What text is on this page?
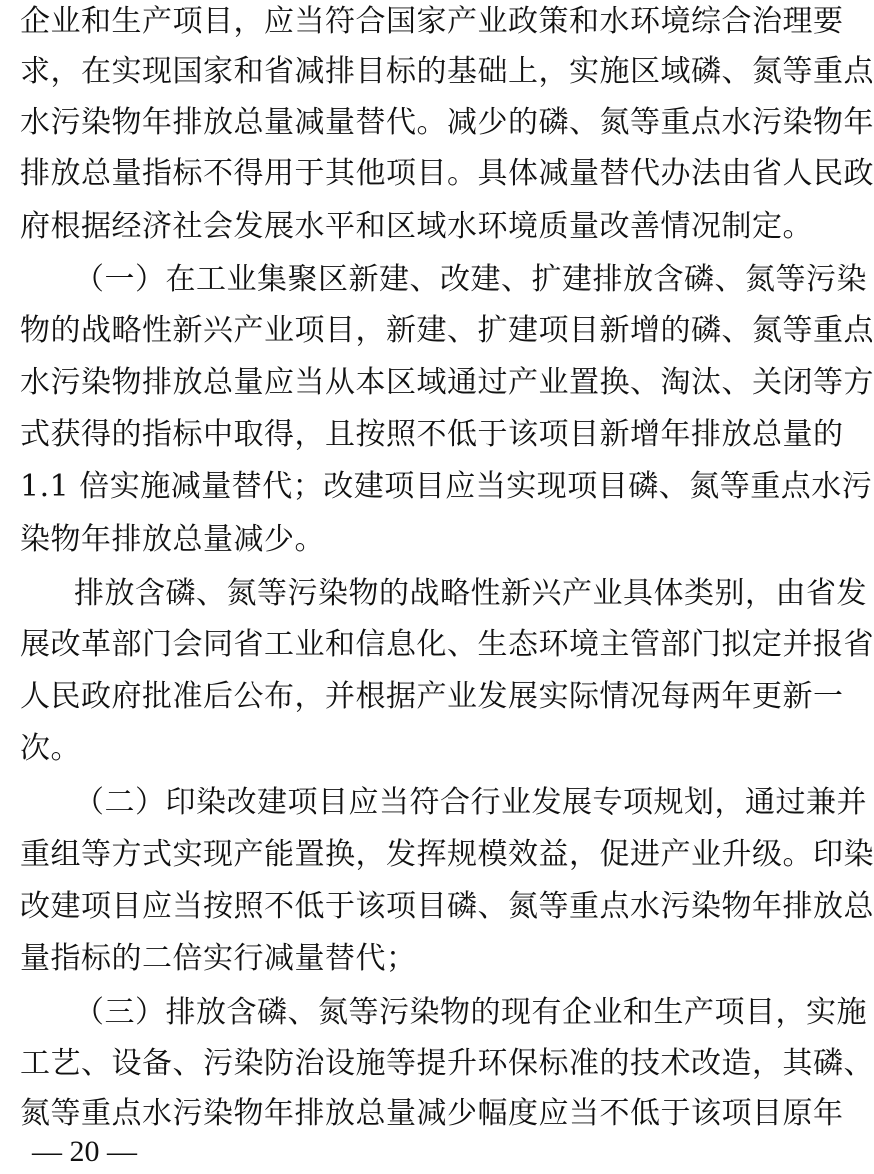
企业和生产项目，应当符合国家产业政策和水环境综合治理要
求，在实现国家和省减排目标的基础上，实施区域磷、氮等重点
水污染物年排放总量减量替代。减少的磷、氮等重点水污染物年
排放总量指标不得用于其他项目。具体减量替代办法由省人民政
府根据经济社会发展水平和区域水环境质量改善情况制定。
（一）在工业集聚区新建、改建、扩建排放含磷、氮等污染
物的战略性新兴产业项目，新建、扩建项目新增的磷、氮等重点
水污染物排放总量应当从本区域通过产业置换、淘汰、关闭等方
式获得的指标中取得，且按照不低于该项目新增年排放总量的
1.1 倍实施减量替代；改建项目应当实现项目磷、氮等重点水污
染物年排放总量减少。
排放含磷、氮等污染物的战略性新兴产业具体类别，由省发
展改革部门会同省工业和信息化、生态环境主管部门拟定并报省
人民政府批准后公布，并根据产业发展实际情况每两年更新一
次。
（二）印染改建项目应当符合行业发展专项规划，通过兼并
重组等方式实现产能置换，发挥规模效益，促进产业升级。印染
改建项目应当按照不低于该项目磷、氮等重点水污染物年排放总
量指标的二倍实行减量替代；
（三）排放含磷、氮等污染物的现有企业和生产项目，实施
工艺、设备、污染防治设施等提升环保标准的技术改造，其磷、
氮等重点水污染物年排放总量减少幅度应当不低于该项目原年
— 20 —
